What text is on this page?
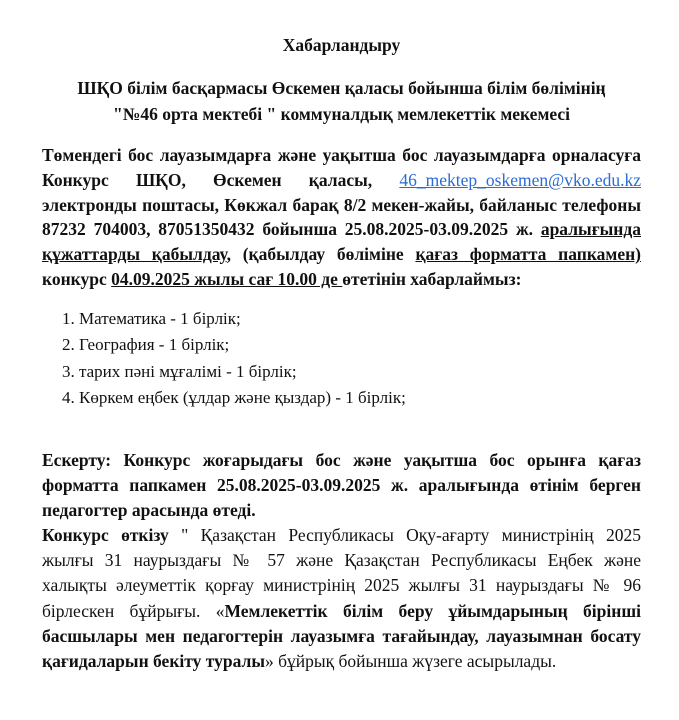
Хабарландыру
ШҚО білім басқармасы Өскемен қаласы бойынша білім бөлімінің
"№46 орта мектебі " коммуналдық мемлекеттік мекемесі
Төмендегі бос лауазымдарға және уақытша бос лауазымдарға орналасуға Конкурс ШҚО, Өскемен қаласы, 46_mektep_oskemen@vko.edu.kz электронды поштасы, Көкжал барақ 8/2 мекен-жайы, байланыс телефоны 87232 704003, 87051350432 бойынша 25.08.2025-03.09.2025 ж. аралығында құжаттарды қабылдау, (қабылдау бөліміне қағаз форматта папкамен) конкурс 04.09.2025 жылы сағ 10.00 де өтетінін хабарлаймыз:
1. Математика - 1 бірлік;
2. География - 1 бірлік;
3. тарих пәні мұғалімі - 1 бірлік;
4. Көркем еңбек (ұлдар және қыздар) - 1 бірлік;
Ескерту: Конкурс жоғарыдағы бос және уақытша бос орынға қағаз форматта папкамен 25.08.2025-03.09.2025 ж. аралығында өтінім берген педагогтер арасында өтеді.
Конкурс өткізу " Қазақстан Республикасы Оқу-ағарту министрінің 2025 жылғы 31 наурыздағы № 57 және Қазақстан Республикасы Еңбек және халықты әлеуметтік қорғау министрінің 2025 жылғы 31 наурыздағы № 96 бірлескен бұйрығы. «Мемлекеттік білім беру ұйымдарының бірінші басшылары мен педагогтерін лауазымға тағайындау, лауазымнан босату қағидаларын бекіту туралы» бұйрық бойынша жүзеге асырылады.
